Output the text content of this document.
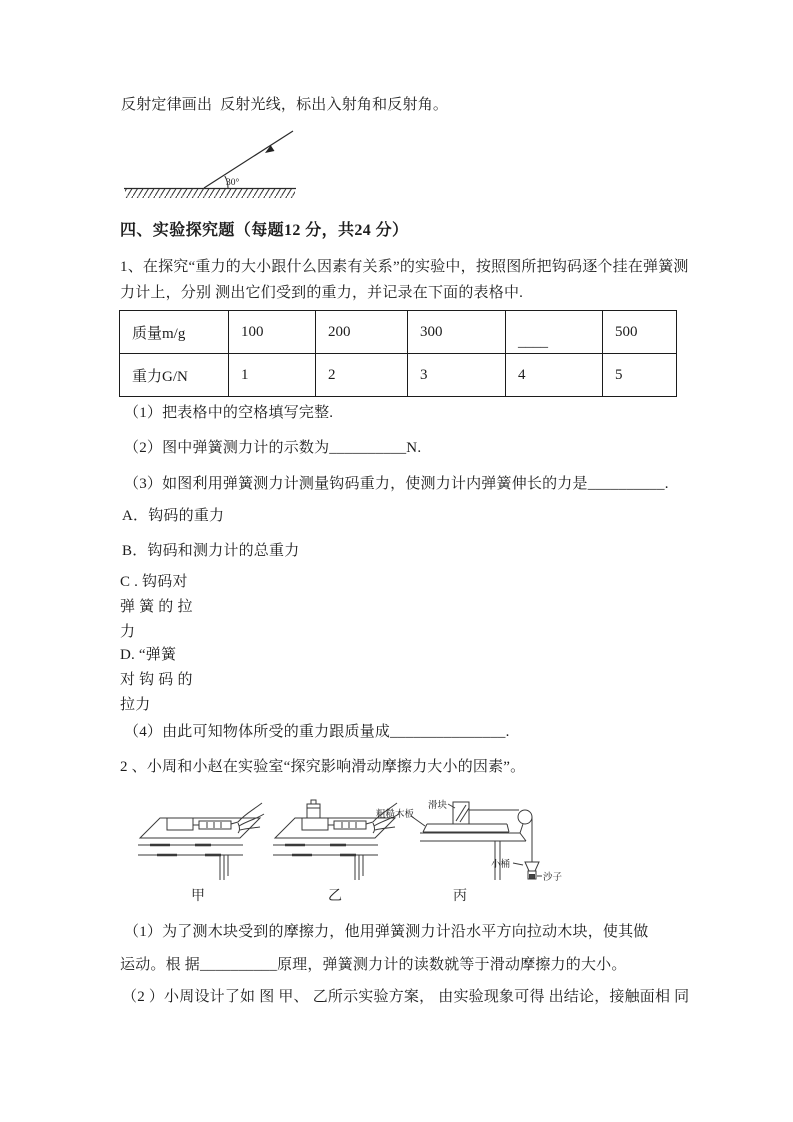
反射定律画出  反射光线，标出入射角和反射角。
30°
四、实验探究题（每题12 分，共24 分）
1、在探究“重力的大小跟什么因素有关系”的实验中，按照图所把钩码逐个挂在弹簧测
力计上，分别 测出它们受到的重力，并记录在下面的表格中.
质量m/g	100	200	300	____	500
重力G/N	1	2	3	4	5
（1）把表格中的空格填写完整.
（2）图中弹簧测力计的示数为__________N.
（3）如图利用弹簧测力计测量钩码重力，使测力计内弹簧伸长的力是__________.
A．钩码的重力
B．钩码和测力计的总重力
C . 钩码对
弹 簧 的 拉
力
D. “弹簧
对 钩 码 的
拉力
（4）由此可知物体所受的重力跟质量成_______________.
2 、小周和小赵在实验室“探究影响滑动摩擦力大小的因素”。
滑块
粗糙木板
小桶
沙子
甲	乙	丙
（1）为了测木块受到的摩擦力，他用弹簧测力计沿水平方向拉动木块，使其做
运动。根 据__________原理，弹簧测力计的读数就等于滑动摩擦力的大小。
（2 ）小周设计了如 图 甲、 乙所示实验方案， 由实验现象可得 出结论，接触面相 同
